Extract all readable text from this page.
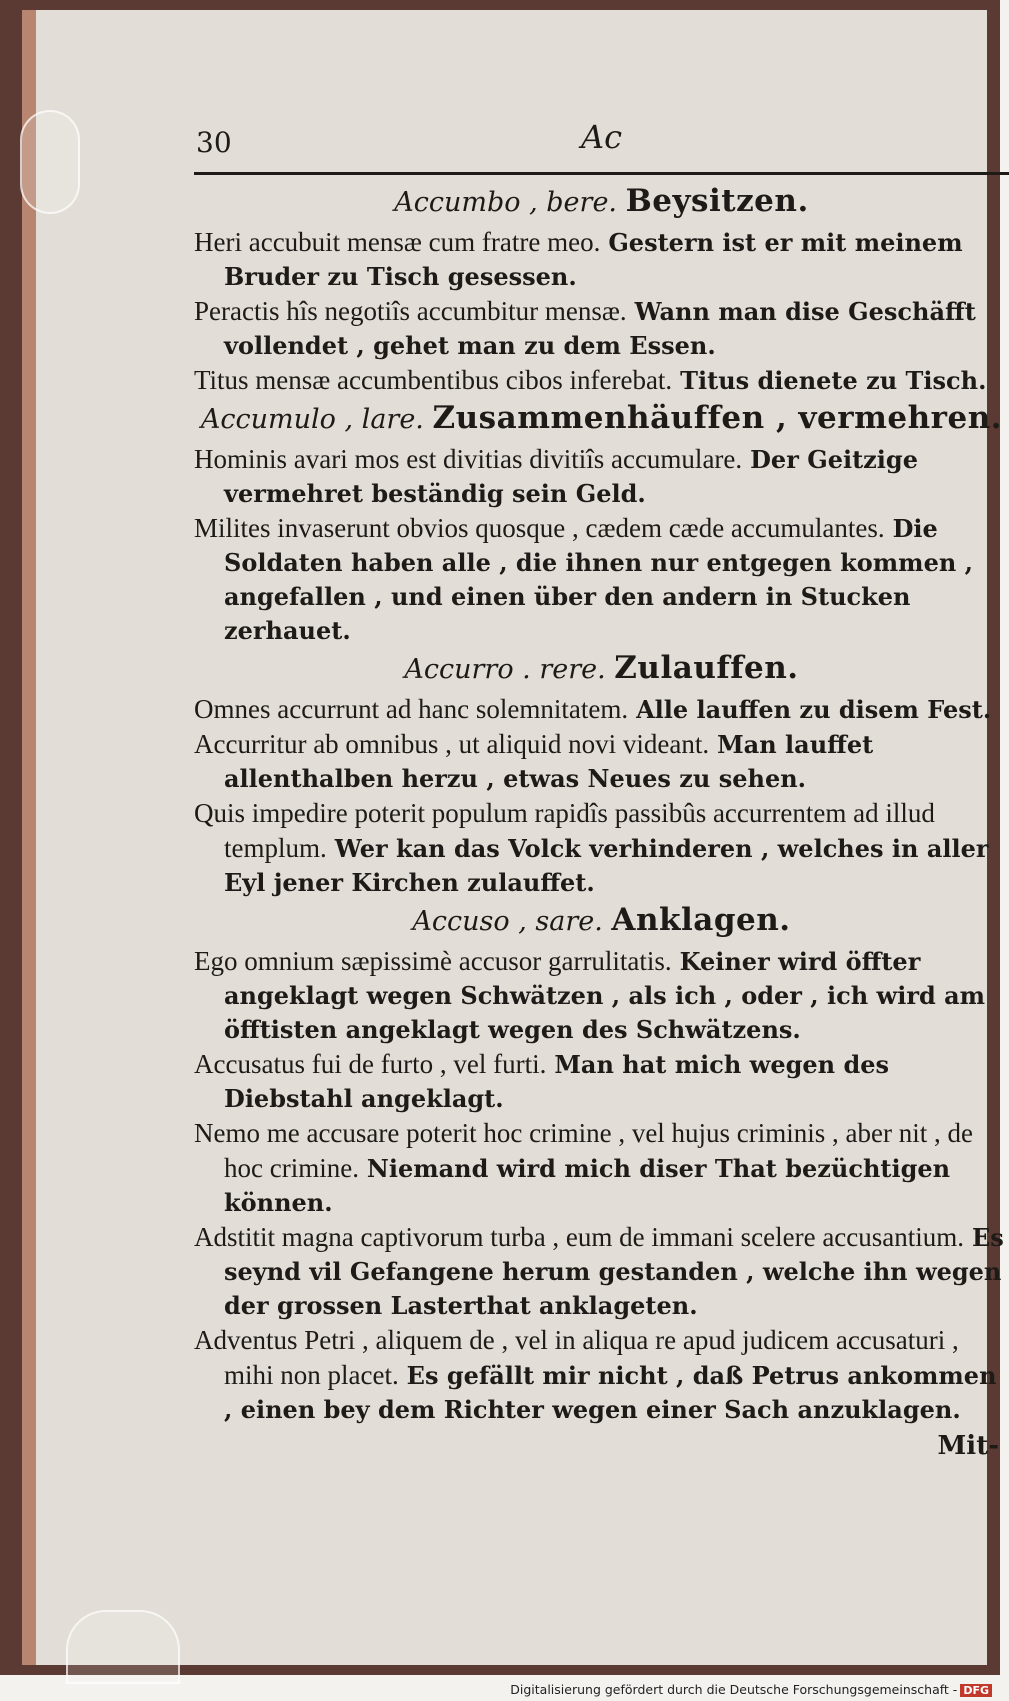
30	Ac
Accumbo , bere. Beysitzen.

Heri accubuit mensæ cum fratre meo. Gestern ist er mit meinem Bruder zu Tisch gesessen.

Peractis hîs negotiîs accumbitur mensæ. Wann man dise Geschäfft vollendet , gehet man zu dem Essen.

Titus mensæ accumbentibus cibos inferebat. Titus dienete zu Tisch.

Accumulo , lare. Zusammenhäuffen , vermehren.

Hominis avari mos est divitias divitiîs accumulare. Der Geitzige vermehret beständig sein Geld.

Milites invaserunt obvios quosque , cædem cæde accumulantes. Die Soldaten haben alle , die ihnen nur entgegen kommen , angefallen , und einen über den andern in Stucken zerhauet.

Accurro . rere. Zulauffen.

Omnes accurrunt ad hanc solemnitatem. Alle lauffen zu disem Fest.

Accurritur ab omnibus , ut aliquid novi videant. Man lauffet allenthalben herzu , etwas Neues zu sehen.

Quis impedire poterit populum rapidîs passibûs accurrentem ad illud templum. Wer kan das Volck verhinderen , welches in aller Eyl jener Kirchen zulauffet.

Accuso , sare. Anklagen.

Ego omnium sæpissimè accusor garrulitatis. Keiner wird öffter angeklagt wegen Schwätzen , als ich , oder , ich wird am öfftisten angeklagt wegen des Schwätzens.

Accusatus fui de furto , vel furti. Man hat mich wegen des Diebstahl angeklagt.

Nemo me accusare poterit hoc crimine , vel hujus criminis , aber nit , de hoc crimine. Niemand wird mich diser That bezüchtigen können.

Adstitit magna captivorum turba , eum de immani scelere accusantium. Es seynd vil Gefangene herum gestanden , welche ihn wegen der grossen Lasterthat anklageten.

Adventus Petri , aliquem de , vel in aliqua re apud judicem accusaturi , mihi non placet. Es gefällt mir nicht , daß Petrus ankommen , einen bey dem Richter wegen einer Sach anzuklagen.

Mit-
Digitalisierung gefördert durch die Deutsche Forschungsgemeinschaft - DFG
